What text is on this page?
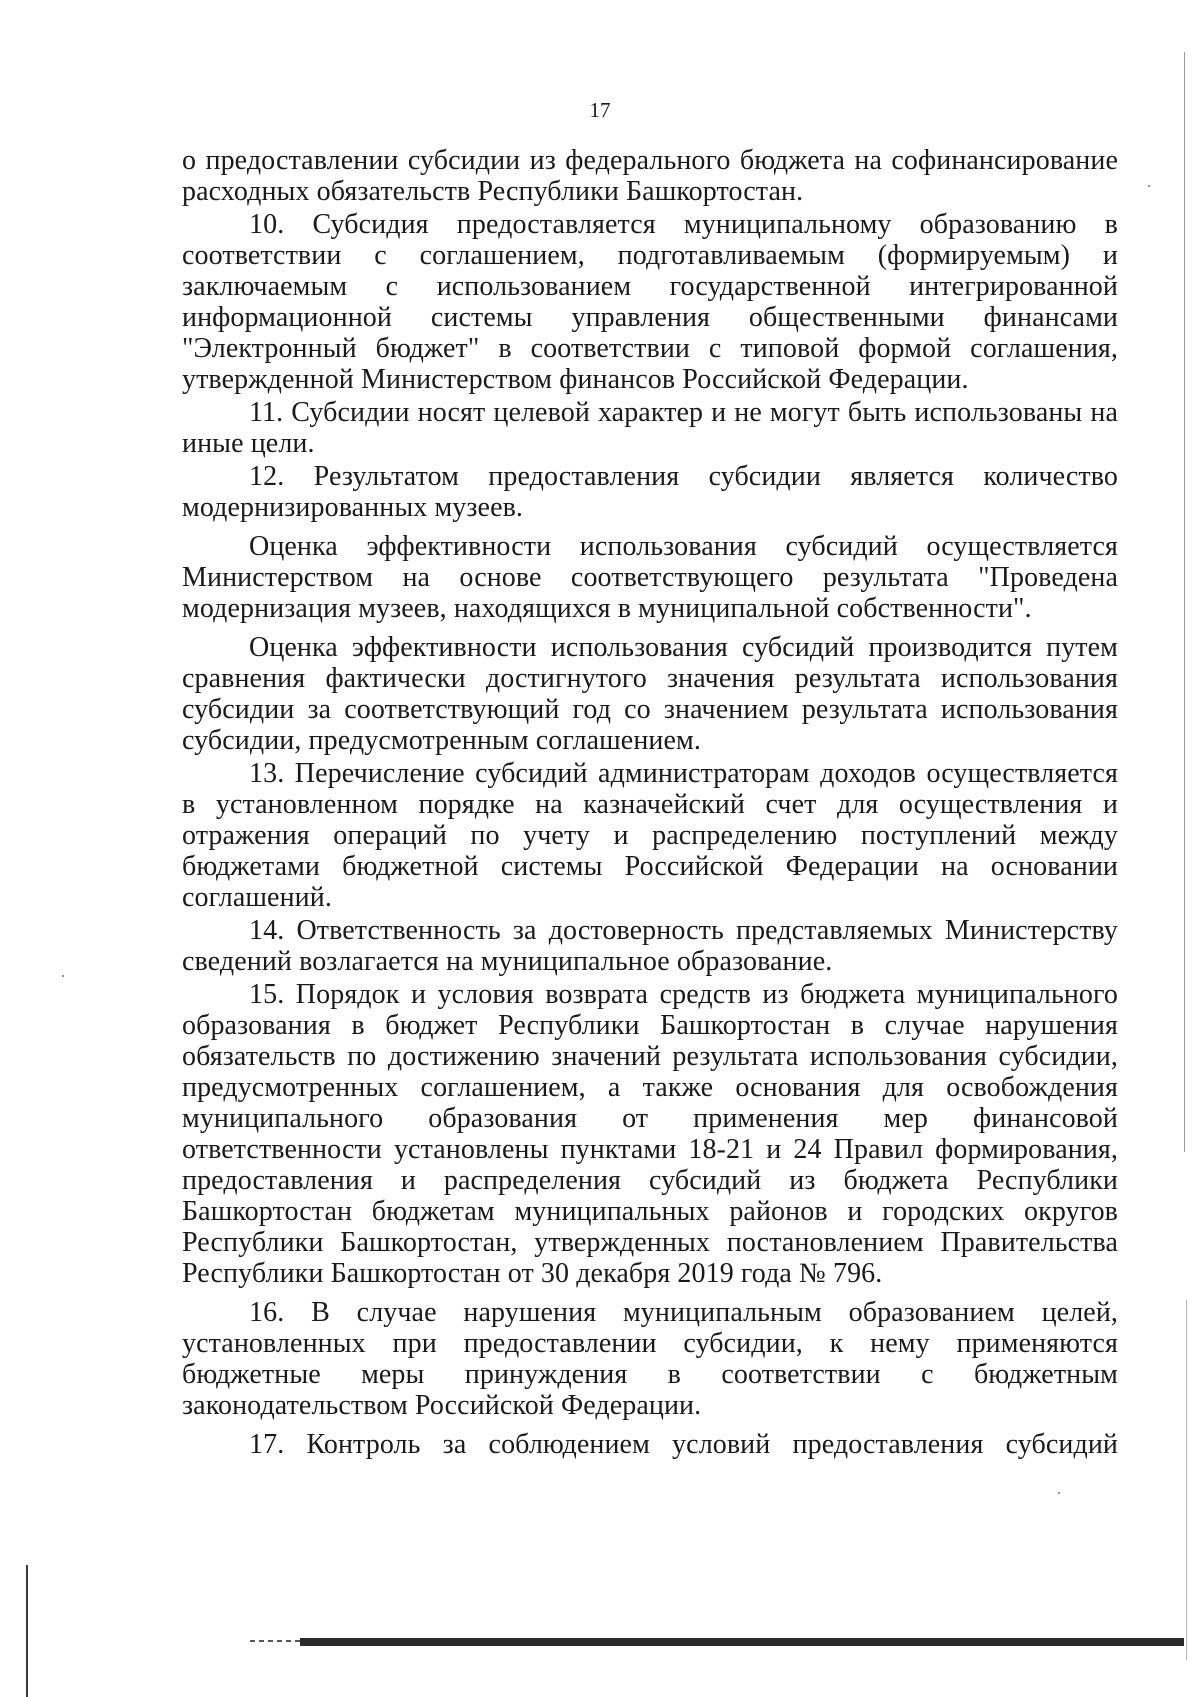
17

о предоставлении субсидии из федерального бюджета на софинансирование расходных обязательств Республики Башкортостан.

10. Субсидия предоставляется муниципальному образованию в соответствии с соглашением, подготавливаемым (формируемым) и заключаемым с использованием государственной интегрированной информационной системы управления общественными финансами "Электронный бюджет" в соответствии с типовой формой соглашения, утвержденной Министерством финансов Российской Федерации.

11. Субсидии носят целевой характер и не могут быть использованы на иные цели.

12. Результатом предоставления субсидии является количество модернизированных музеев.

Оценка эффективности использования субсидий осуществляется Министерством на основе соответствующего результата "Проведена модернизация музеев, находящихся в муниципальной собственности".

Оценка эффективности использования субсидий производится путем сравнения фактически достигнутого значения результата использования субсидии за соответствующий год со значением результата использования субсидии, предусмотренным соглашением.

13. Перечисление субсидий администраторам доходов осуществляется в установленном порядке на казначейский счет для осуществления и отражения операций по учету и распределению поступлений между бюджетами бюджетной системы Российской Федерации на основании соглашений.

14. Ответственность за достоверность представляемых Министерству сведений возлагается на муниципальное образование.

15. Порядок и условия возврата средств из бюджета муниципального образования в бюджет Республики Башкортостан в случае нарушения обязательств по достижению значений результата использования субсидии, предусмотренных соглашением, а также основания для освобождения муниципального образования от применения мер финансовой ответственности установлены пунктами 18-21 и 24 Правил формирования, предоставления и распределения субсидий из бюджета Республики Башкортостан бюджетам муниципальных районов и городских округов Республики Башкортостан, утвержденных постановлением Правительства Республики Башкортостан от 30 декабря 2019 года № 796.

16. В случае нарушения муниципальным образованием целей, установленных при предоставлении субсидии, к нему применяются бюджетные меры принуждения в соответствии с бюджетным законодательством Российской Федерации.

17. Контроль за соблюдением условий предоставления субсидий
